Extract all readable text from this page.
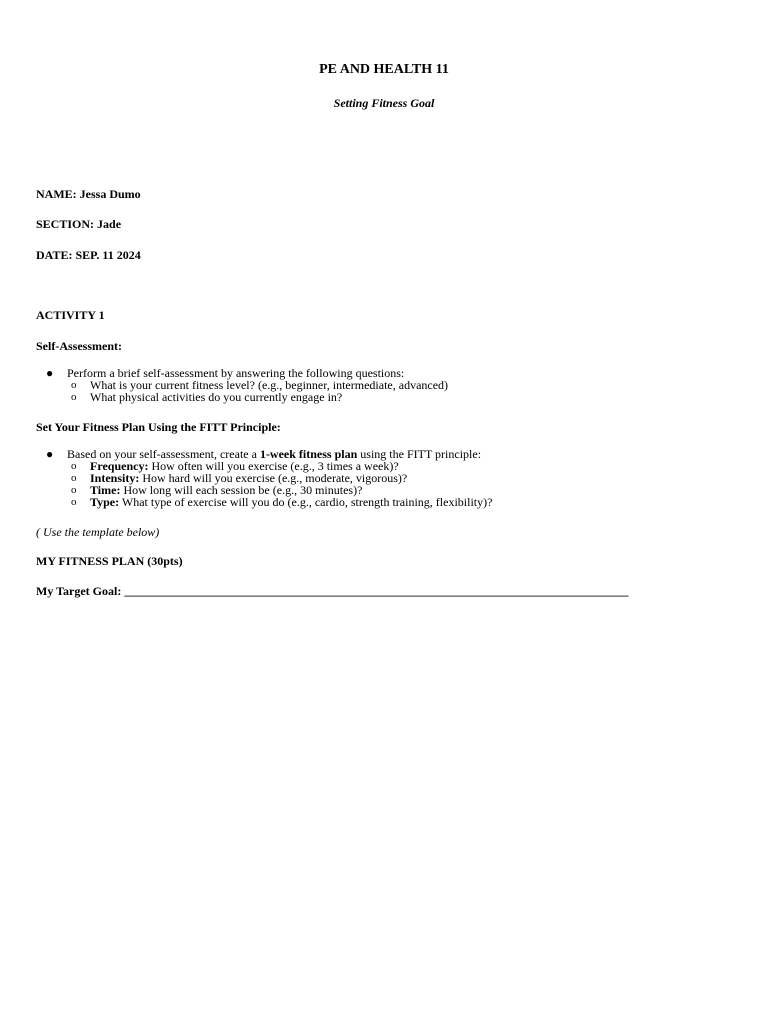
PE AND HEALTH 11
Setting Fitness Goal
NAME: Jessa Dumo
SECTION: Jade
DATE: SEP. 11 2024
ACTIVITY 1
Self-Assessment:
● Perform a brief self-assessment by answering the following questions:
o What is your current fitness level? (e.g., beginner, intermediate, advanced)
o What physical activities do you currently engage in?
Set Your Fitness Plan Using the FITT Principle:
● Based on your self-assessment, create a 1-week fitness plan using the FITT principle:
o Frequency: How often will you exercise (e.g., 3 times a week)?
o Intensity: How hard will you exercise (e.g., moderate, vigorous)?
o Time: How long will each session be (e.g., 30 minutes)?
o Type: What type of exercise will you do (e.g., cardio, strength training, flexibility)?
( Use the template below)
MY FITNESS PLAN (30pts)
My Target Goal: ____________________________________________________________________________________
